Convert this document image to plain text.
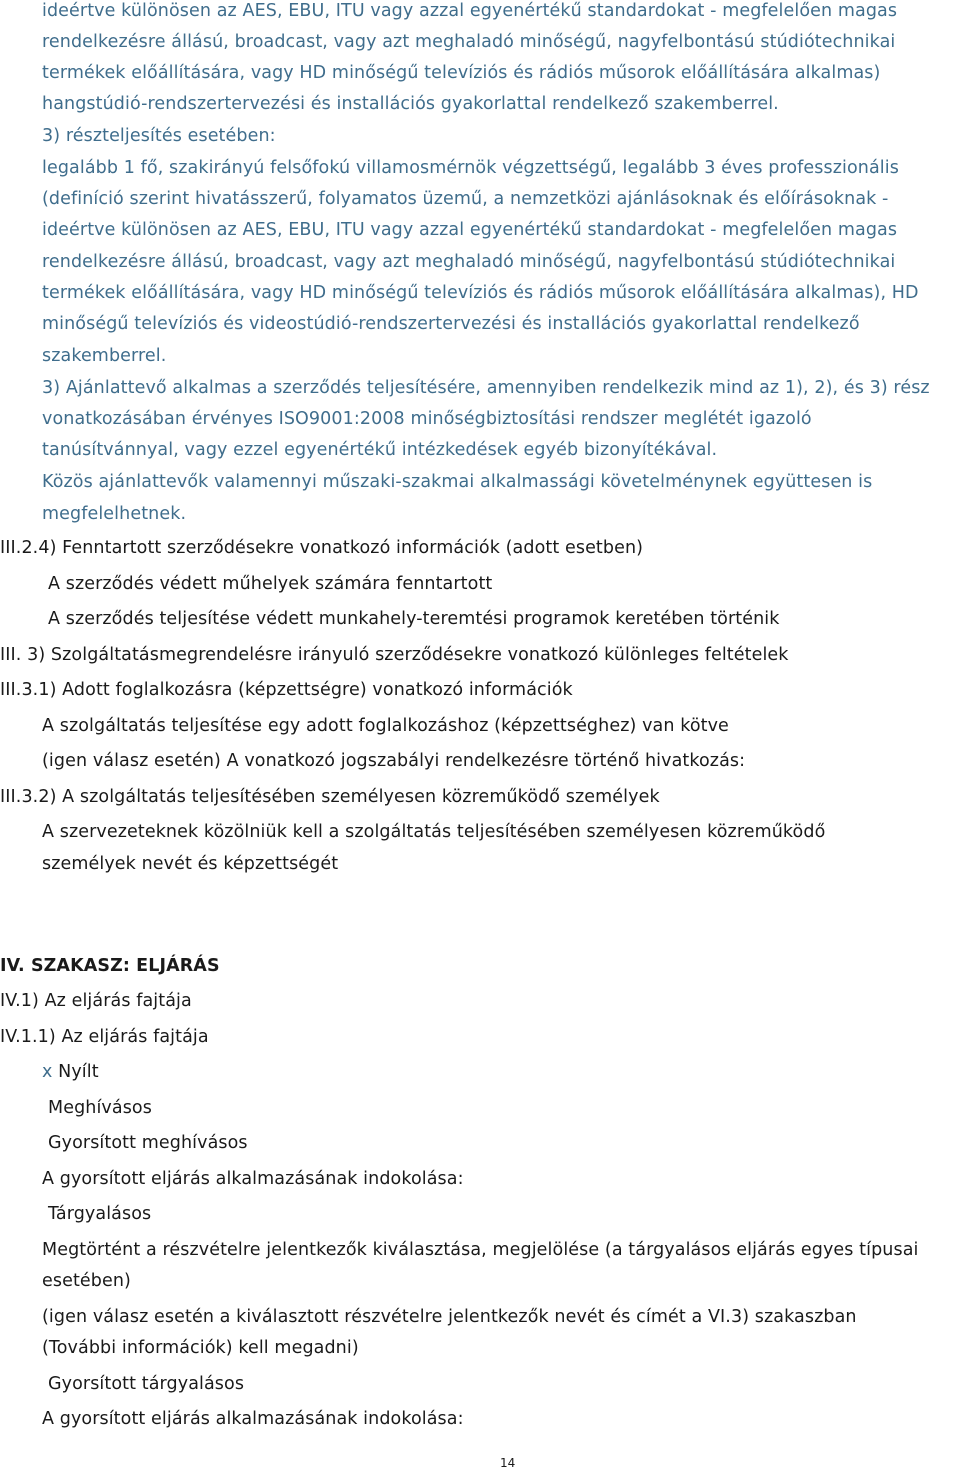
ideértve különösen az AES, EBU, ITU vagy azzal egyenértékű standardokat - megfelelően magas
rendelkezésre állású, broadcast, vagy azt meghaladó minőségű, nagyfelbontású stúdiótechnikai
termékek előállítására, vagy HD minőségű televíziós és rádiós műsorok előállítására alkalmas)
hangstúdió-rendszertervezési és installációs gyakorlattal rendelkező szakemberrel.
3) részteljesítés esetében:
legalább 1 fő, szakirányú felsőfokú villamosmérnök végzettségű, legalább 3 éves professzionális
(definíció szerint hivatásszerű, folyamatos üzemű, a nemzetközi ajánlásoknak és előírásoknak -
ideértve különösen az AES, EBU, ITU vagy azzal egyenértékű standardokat - megfelelően magas
rendelkezésre állású, broadcast, vagy azt meghaladó minőségű, nagyfelbontású stúdiótechnikai
termékek előállítására, vagy HD minőségű televíziós és rádiós műsorok előállítására alkalmas), HD
minőségű televíziós és videostúdió-rendszertervezési és installációs gyakorlattal rendelkező
szakemberrel.
3) Ajánlattevő alkalmas a szerződés teljesítésére, amennyiben rendelkezik mind az 1), 2), és 3) rész
vonatkozásában érvényes ISO9001:2008 minőségbiztosítási rendszer meglétét igazoló
tanúsítvánnyal, vagy ezzel egyenértékű intézkedések egyéb bizonyítékával.
Közös ajánlattevők valamennyi műszaki-szakmai alkalmassági követelménynek együttesen is
megfelelhetnek.
III.2.4) Fenntartott szerződésekre vonatkozó információk (adott esetben)
A szerződés védett műhelyek számára fenntartott
A szerződés teljesítése védett munkahely-teremtési programok keretében történik
III. 3) Szolgáltatásmegrendelésre irányuló szerződésekre vonatkozó különleges feltételek
III.3.1) Adott foglalkozásra (képzettségre) vonatkozó információk
A szolgáltatás teljesítése egy adott foglalkozáshoz (képzettséghez) van kötve
(igen válasz esetén) A vonatkozó jogszabályi rendelkezésre történő hivatkozás:
III.3.2) A szolgáltatás teljesítésében személyesen közreműködő személyek
A szervezeteknek közölniük kell a szolgáltatás teljesítésében személyesen közreműködő
személyek nevét és képzettségét
IV. SZAKASZ: ELJÁRÁS
IV.1) Az eljárás fajtája
IV.1.1) Az eljárás fajtája
x Nyílt
Meghívásos
Gyorsított meghívásos
A gyorsított eljárás alkalmazásának indokolása:
Tárgyalásos
Megtörtént a részvételre jelentkezők kiválasztása, megjelölése (a tárgyalásos eljárás egyes típusai
esetében)
(igen válasz esetén a kiválasztott részvételre jelentkezők nevét és címét a VI.3) szakaszban
(További információk) kell megadni)
Gyorsított tárgyalásos
A gyorsított eljárás alkalmazásának indokolása:
14
